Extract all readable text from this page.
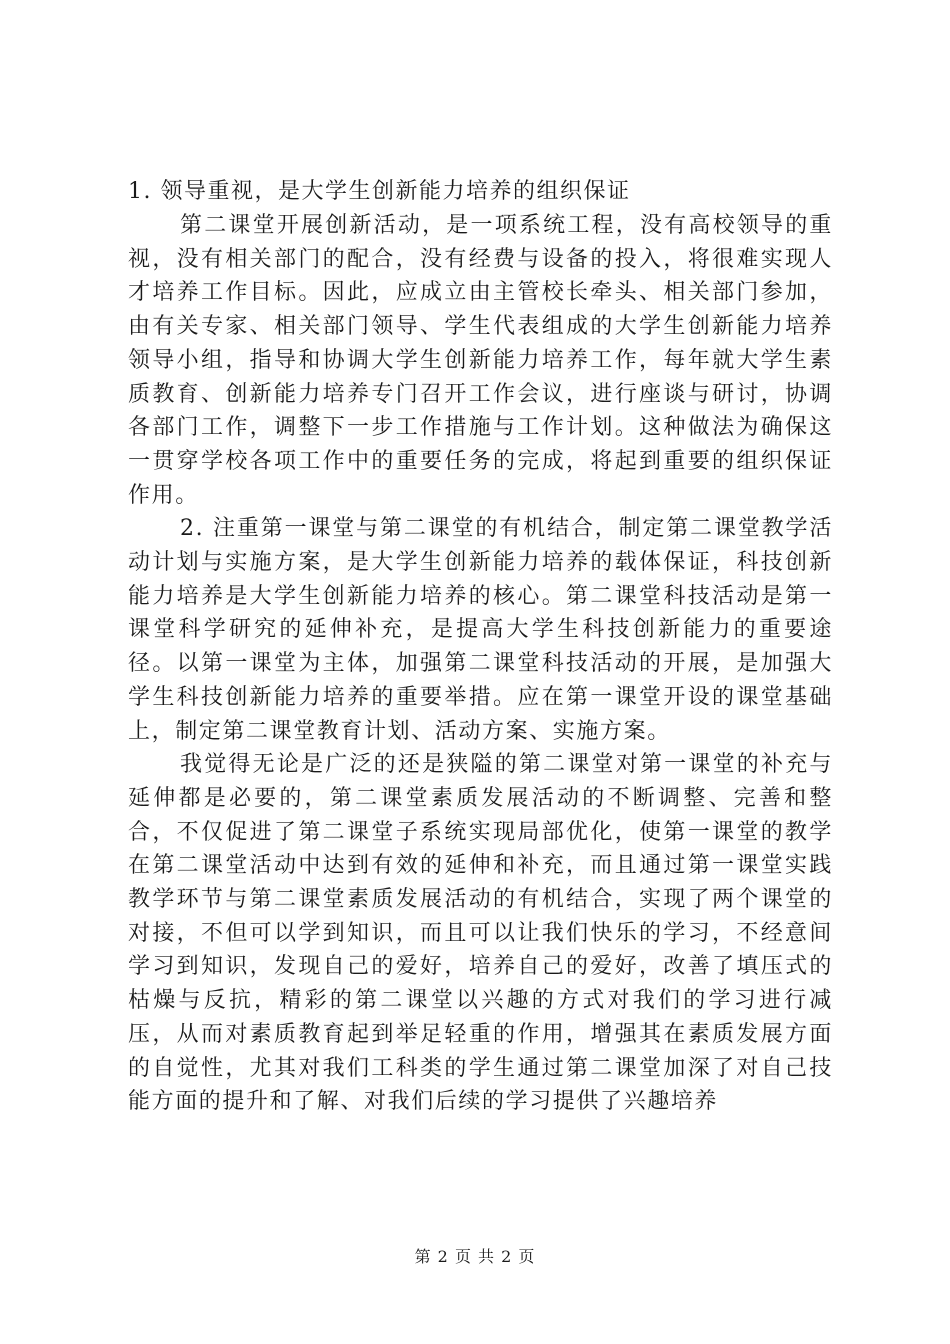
1. 领导重视，是大学生创新能力培养的组织保证

第二课堂开展创新活动，是一项系统工程，没有高校领导的重视，没有相关部门的配合，没有经费与设备的投入，将很难实现人才培养工作目标。因此，应成立由主管校长牵头、相关部门参加，由有关专家、相关部门领导、学生代表组成的大学生创新能力培养领导小组，指导和协调大学生创新能力培养工作，每年就大学生素质教育、创新能力培养专门召开工作会议，进行座谈与研讨，协调各部门工作，调整下一步工作措施与工作计划。这种做法为确保这一贯穿学校各项工作中的重要任务的完成，将起到重要的组织保证作用。

2. 注重第一课堂与第二课堂的有机结合，制定第二课堂教学活动计划与实施方案，是大学生创新能力培养的载体保证，科技创新能力培养是大学生创新能力培养的核心。第二课堂科技活动是第一课堂科学研究的延伸补充，是提高大学生科技创新能力的重要途径。以第一课堂为主体，加强第二课堂科技活动的开展，是加强大学生科技创新能力培养的重要举措。应在第一课堂开设的课堂基础上，制定第二课堂教育计划、活动方案、实施方案。

我觉得无论是广泛的还是狭隘的第二课堂对第一课堂的补充与延伸都是必要的，第二课堂素质发展活动的不断调整、完善和整合，不仅促进了第二课堂子系统实现局部优化，使第一课堂的教学在第二课堂活动中达到有效的延伸和补充，而且通过第一课堂实践教学环节与第二课堂素质发展活动的有机结合，实现了两个课堂的对接，不但可以学到知识，而且可以让我们快乐的学习，不经意间学习到知识，发现自己的爱好，培养自己的爱好，改善了填压式的枯燥与反抗，精彩的第二课堂以兴趣的方式对我们的学习进行减压，从而对素质教育起到举足轻重的作用，增强其在素质发展方面的自觉性，尤其对我们工科类的学生通过第二课堂加深了对自己技能方面的提升和了解、对我们后续的学习提供了兴趣培养

第 2 页 共 2 页
